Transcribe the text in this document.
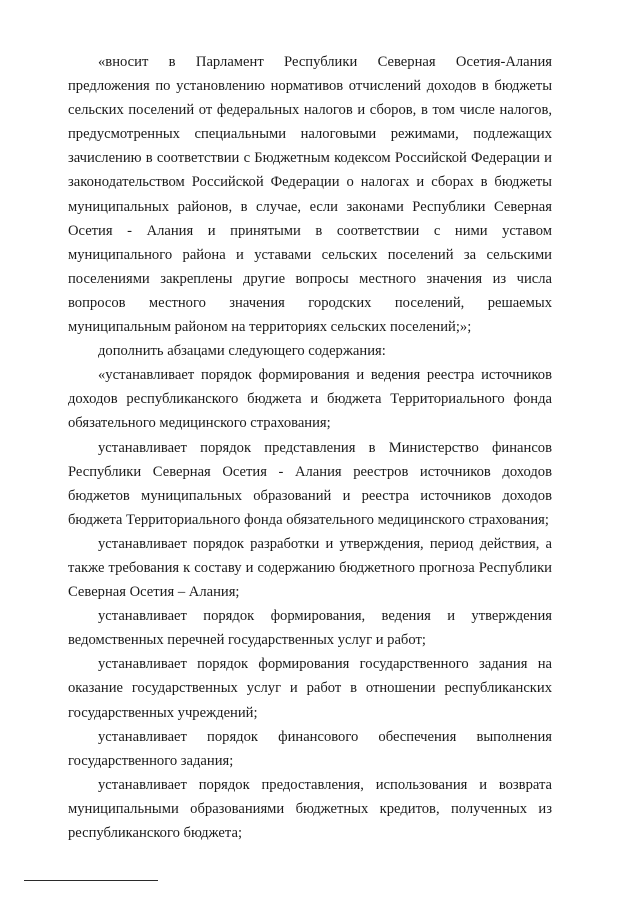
«вносит в Парламент Республики Северная Осетия-Алания предложения по установлению нормативов отчислений доходов в бюджеты сельских поселений от федеральных налогов и сборов, в том числе налогов, предусмотренных специальными налоговыми режимами, подлежащих зачислению в соответствии с Бюджетным кодексом Российской Федерации и законодательством Российской Федерации о налогах и сборах в бюджеты муниципальных районов, в случае, если законами Республики Северная Осетия - Алания и принятыми в соответствии с ними уставом муниципального района и уставами сельских поселений за сельскими поселениями закреплены другие вопросы местного значения из числа вопросов местного значения городских поселений, решаемых муниципальным районом на территориях сельских поселений;»;

дополнить абзацами следующего содержания:

«устанавливает порядок формирования и ведения реестра источников доходов республиканского бюджета и бюджета Территориального фонда обязательного медицинского страхования;

устанавливает порядок представления в Министерство финансов Республики Северная Осетия - Алания реестров источников доходов бюджетов муниципальных образований и реестра источников доходов бюджета Территориального фонда обязательного медицинского страхования;

устанавливает порядок разработки и утверждения, период действия, а также требования к составу и содержанию бюджетного прогноза Республики Северная Осетия – Алания;

устанавливает порядок формирования, ведения и утверждения ведомственных перечней государственных услуг и работ;

устанавливает порядок формирования государственного задания на оказание государственных услуг и работ в отношении республиканских государственных учреждений;

устанавливает порядок финансового обеспечения выполнения государственного задания;

устанавливает порядок предоставления, использования и возврата муниципальными образованиями бюджетных кредитов, полученных из республиканского бюджета;
